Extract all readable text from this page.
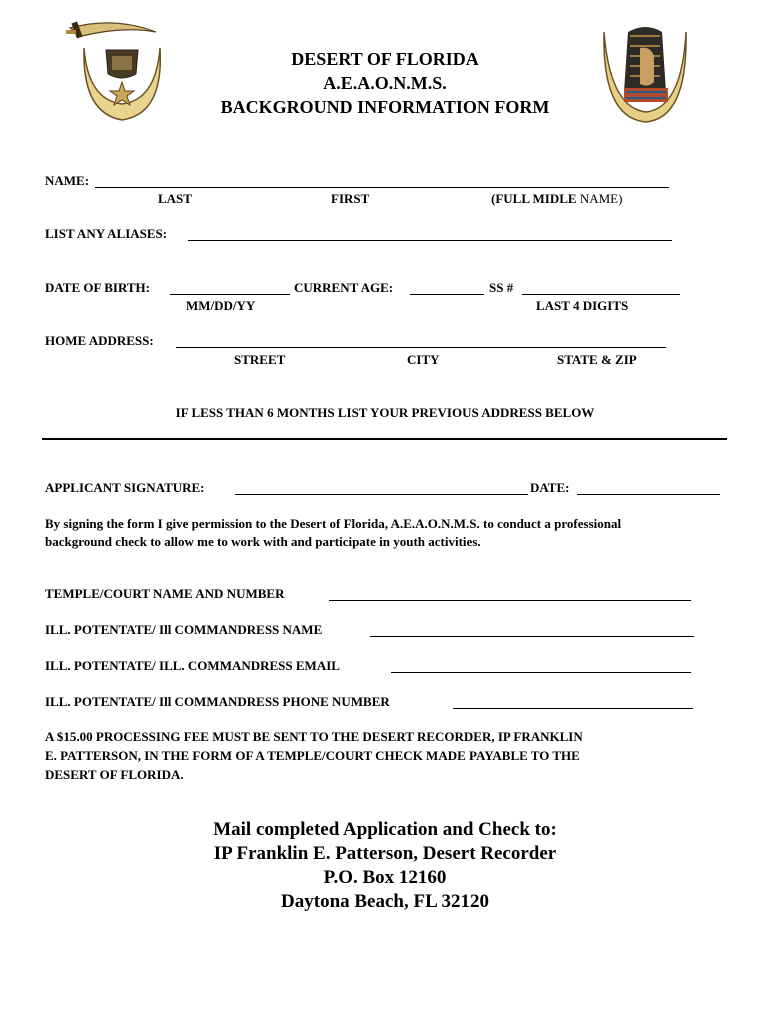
DESERT OF FLORIDA
A.E.A.O.N.M.S.
BACKGROUND INFORMATION FORM
NAME:
LAST	FIRST	(FULL MIDLE NAME)
LIST ANY ALIASES:
DATE OF BIRTH:	CURRENT AGE:	SS #
MM/DD/YY	LAST 4 DIGITS
HOME ADDRESS:
STREET	CITY	STATE & ZIP
IF LESS THAN 6 MONTHS LIST YOUR PREVIOUS ADDRESS BELOW
APPLICANT SIGNATURE:	DATE:
By signing the form I give permission to the Desert of Florida, A.E.A.O.N.M.S. to conduct a professional
background check to allow me to work with and participate in youth activities.
TEMPLE/COURT NAME AND NUMBER
ILL. POTENTATE/ Ill COMMANDRESS NAME
ILL. POTENTATE/ ILL. COMMANDRESS EMAIL
ILL. POTENTATE/ Ill COMMANDRESS PHONE NUMBER
A $15.00 PROCESSING FEE MUST BE SENT TO THE DESERT RECORDER, IP FRANKLIN
E. PATTERSON, IN THE FORM OF A TEMPLE/COURT CHECK MADE PAYABLE TO THE
DESERT OF FLORIDA.
Mail completed Application and Check to:
IP Franklin E. Patterson, Desert Recorder
P.O. Box 12160
Daytona Beach, FL 32120
